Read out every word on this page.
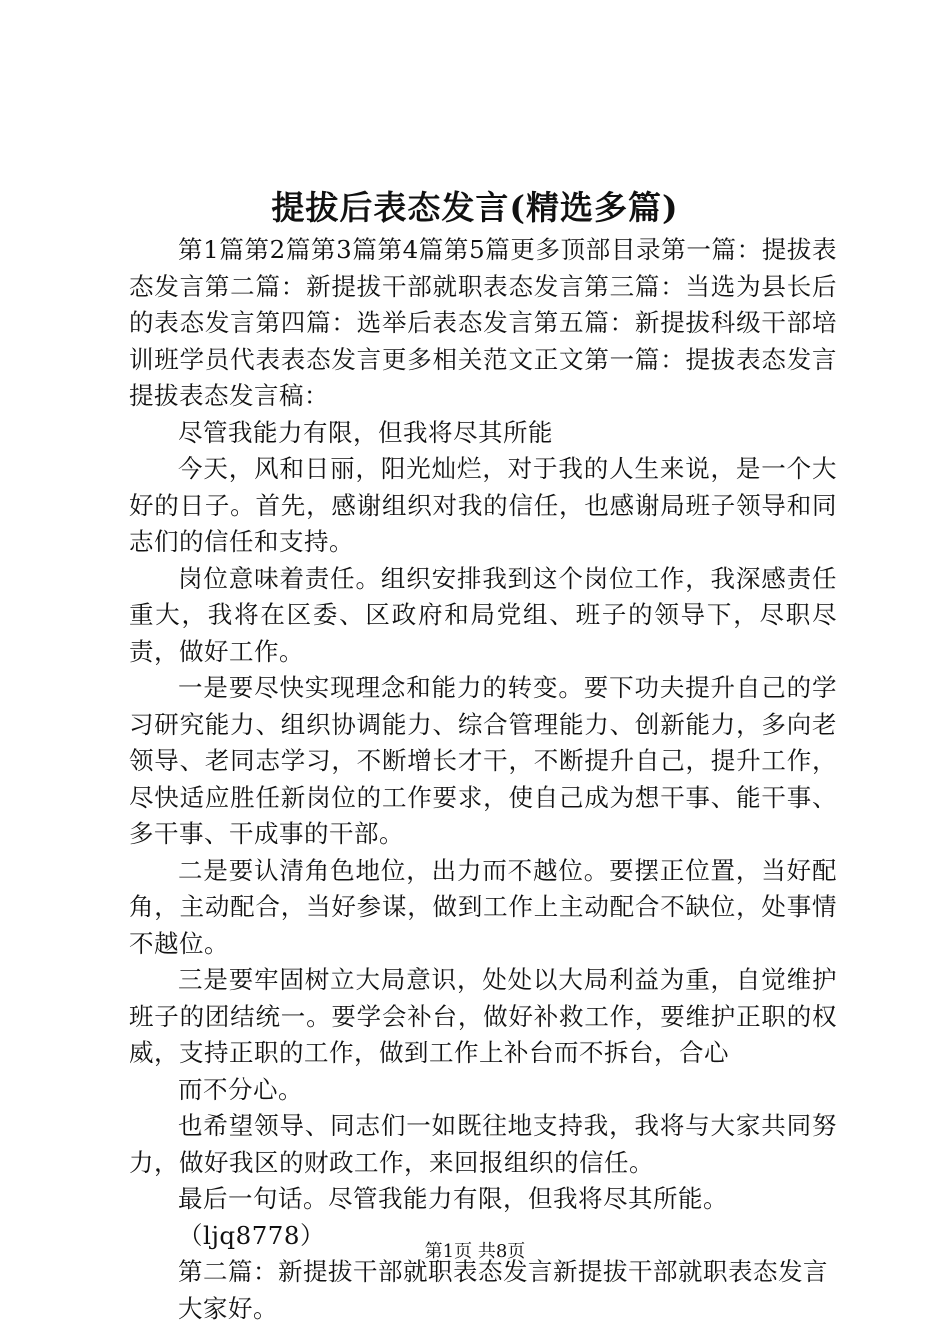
提拔后表态发言(精选多篇)

第1篇第2篇第3篇第4篇第5篇更多顶部目录第一篇：提拔表态发言第二篇：新提拔干部就职表态发言第三篇：当选为县长后的表态发言第四篇：选举后表态发言第五篇：新提拔科级干部培训班学员代表表态发言更多相关范文正文第一篇：提拔表态发言提拔表态发言稿：

尽管我能力有限，但我将尽其所能

今天，风和日丽，阳光灿烂，对于我的人生来说，是一个大好的日子。首先，感谢组织对我的信任，也感谢局班子领导和同志们的信任和支持。

岗位意味着责任。组织安排我到这个岗位工作，我深感责任重大，我将在区委、区政府和局党组、班子的领导下，尽职尽责，做好工作。

一是要尽快实现理念和能力的转变。要下功夫提升自己的学习研究能力、组织协调能力、综合管理能力、创新能力，多向老领导、老同志学习，不断增长才干，不断提升自己，提升工作，尽快适应胜任新岗位的工作要求，使自己成为想干事、能干事、多干事、干成事的干部。

二是要认清角色地位，出力而不越位。要摆正位置，当好配角，主动配合，当好参谋，做到工作上主动配合不缺位，处事情不越位。

三是要牢固树立大局意识，处处以大局利益为重，自觉维护班子的团结统一。要学会补台，做好补救工作，要维护正职的权威，支持正职的工作，做到工作上补台而不拆台，合心

而不分心。

也希望领导、同志们一如既往地支持我，我将与大家共同努力，做好我区的财政工作，来回报组织的信任。

最后一句话。尽管我能力有限，但我将尽其所能。

（ljq8778）

第二篇：新提拔干部就职表态发言新提拔干部就职表态发言

大家好。

第1页 共8页
